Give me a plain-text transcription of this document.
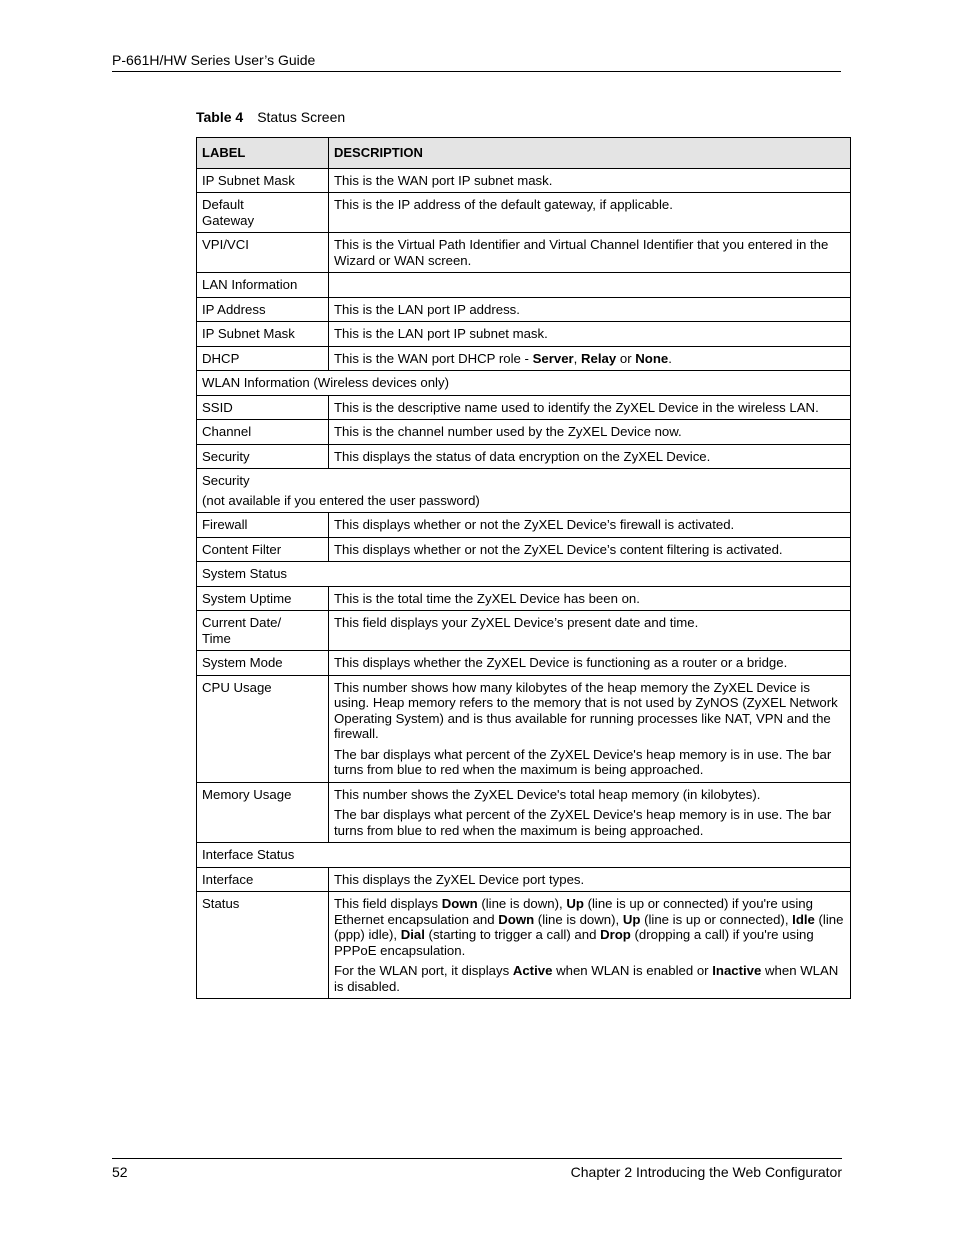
P-661H/HW Series User’s Guide
Table 4 Status Screen
LABEL	DESCRIPTION
IP Subnet Mask	This is the WAN port IP subnet mask.
Default
Gateway	This is the IP address of the default gateway, if applicable.
VPI/VCI	This is the Virtual Path Identifier and Virtual Channel Identifier that you entered in the Wizard or WAN screen.
LAN Information	
IP Address	This is the LAN port IP address.
IP Subnet Mask	This is the LAN port IP subnet mask.
DHCP	This is the WAN port DHCP role - Server, Relay or None.
WLAN Information (Wireless devices only)	
SSID	This is the descriptive name used to identify the ZyXEL Device in the wireless LAN.
Channel	This is the channel number used by the ZyXEL Device now.
Security	This displays the status of data encryption on the ZyXEL Device.
Security
(not available if you entered the user password)	
Firewall	This displays whether or not the ZyXEL Device’s firewall is activated.
Content Filter	This displays whether or not the ZyXEL Device’s content filtering is activated.
System Status	
System Uptime	This is the total time the ZyXEL Device has been on.
Current Date/
Time	This field displays your ZyXEL Device’s present date and time.
System Mode	This displays whether the ZyXEL Device is functioning as a router or a bridge.
CPU Usage	This number shows how many kilobytes of the heap memory the ZyXEL Device is using. Heap memory refers to the memory that is not used by ZyNOS (ZyXEL Network Operating System) and is thus available for running processes like NAT, VPN and the firewall.
The bar displays what percent of the ZyXEL Device's heap memory is in use. The bar turns from blue to red when the maximum is being approached.

Memory Usage	This number shows the ZyXEL Device's total heap memory (in kilobytes).
The bar displays what percent of the ZyXEL Device's heap memory is in use. The bar turns from blue to red when the maximum is being approached.

Interface Status	
Interface	This displays the ZyXEL Device port types.
Status	This field displays Down (line is down), Up (line is up or connected) if you're using Ethernet encapsulation and Down (line is down), Up (line is up or connected), Idle (line (ppp) idle), Dial (starting to trigger a call) and Drop (dropping a call) if you're using PPPoE encapsulation.
For the WLAN port, it displays Active when WLAN is enabled or Inactive when WLAN is disabled.
52	Chapter 2 Introducing the Web Configurator
